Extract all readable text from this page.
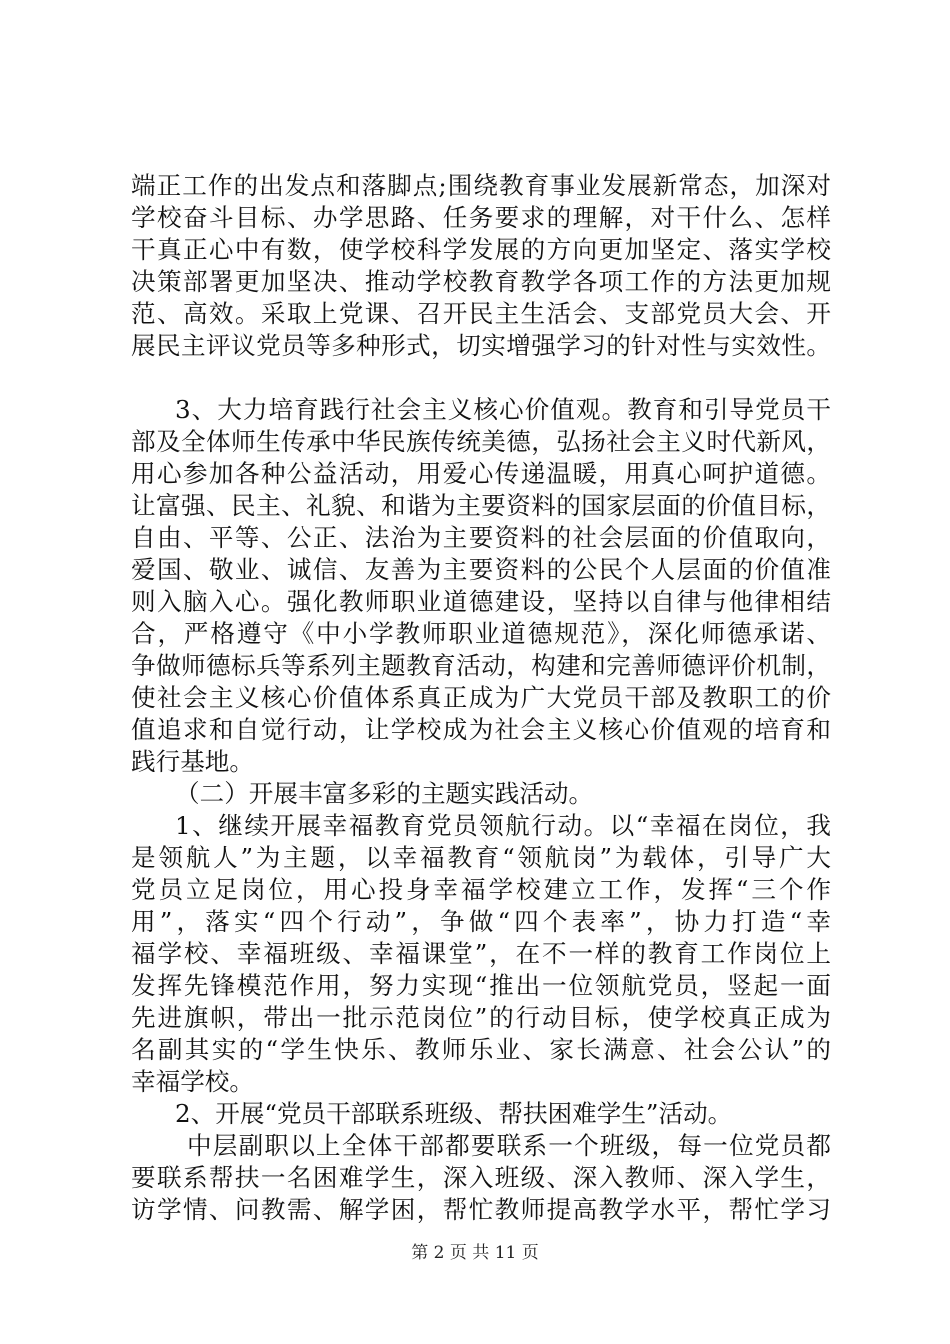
端正工作的出发点和落脚点;围绕教育事业发展新常态，加深对
学校奋斗目标、办学思路、任务要求的理解，对干什么、怎样
干真正心中有数，使学校科学发展的方向更加坚定、落实学校
决策部署更加坚决、推动学校教育教学各项工作的方法更加规
范、高效。采取上党课、召开民主生活会、支部党员大会、开
展民主评议党员等多种形式，切实增强学习的针对性与实效性。
3、大力培育践行社会主义核心价值观。教育和引导党员干
部及全体师生传承中华民族传统美德，弘扬社会主义时代新风，
用心参加各种公益活动，用爱心传递温暖，用真心呵护道德。
让富强、民主、礼貌、和谐为主要资料的国家层面的价值目标，
自由、平等、公正、法治为主要资料的社会层面的价值取向，
爱国、敬业、诚信、友善为主要资料的公民个人层面的价值准
则入脑入心。强化教师职业道德建设，坚持以自律与他律相结
合，严格遵守《中小学教师职业道德规范》，深化师德承诺、
争做师德标兵等系列主题教育活动，构建和完善师德评价机制，
使社会主义核心价值体系真正成为广大党员干部及教职工的价
值追求和自觉行动，让学校成为社会主义核心价值观的培育和
践行基地。
（二）开展丰富多彩的主题实践活动。
1、继续开展幸福教育党员领航行动。以“幸福在岗位，我
是领航人”为主题，以幸福教育“领航岗”为载体，引导广大
党员立足岗位，用心投身幸福学校建立工作，发挥“三个作
用”，落实“四个行动”，争做“四个表率”，协力打造“幸
福学校、幸福班级、幸福课堂”，在不一样的教育工作岗位上
发挥先锋模范作用，努力实现“推出一位领航党员，竖起一面
先进旗帜，带出一批示范岗位”的行动目标，使学校真正成为
名副其实的“学生快乐、教师乐业、家长满意、社会公认”的
幸福学校。
2、开展“党员干部联系班级、帮扶困难学生”活动。
中层副职以上全体干部都要联系一个班级，每一位党员都
要联系帮扶一名困难学生，深入班级、深入教师、深入学生，
访学情、问教需、解学困，帮忙教师提高教学水平，帮忙学习
第 2 页 共 11 页
